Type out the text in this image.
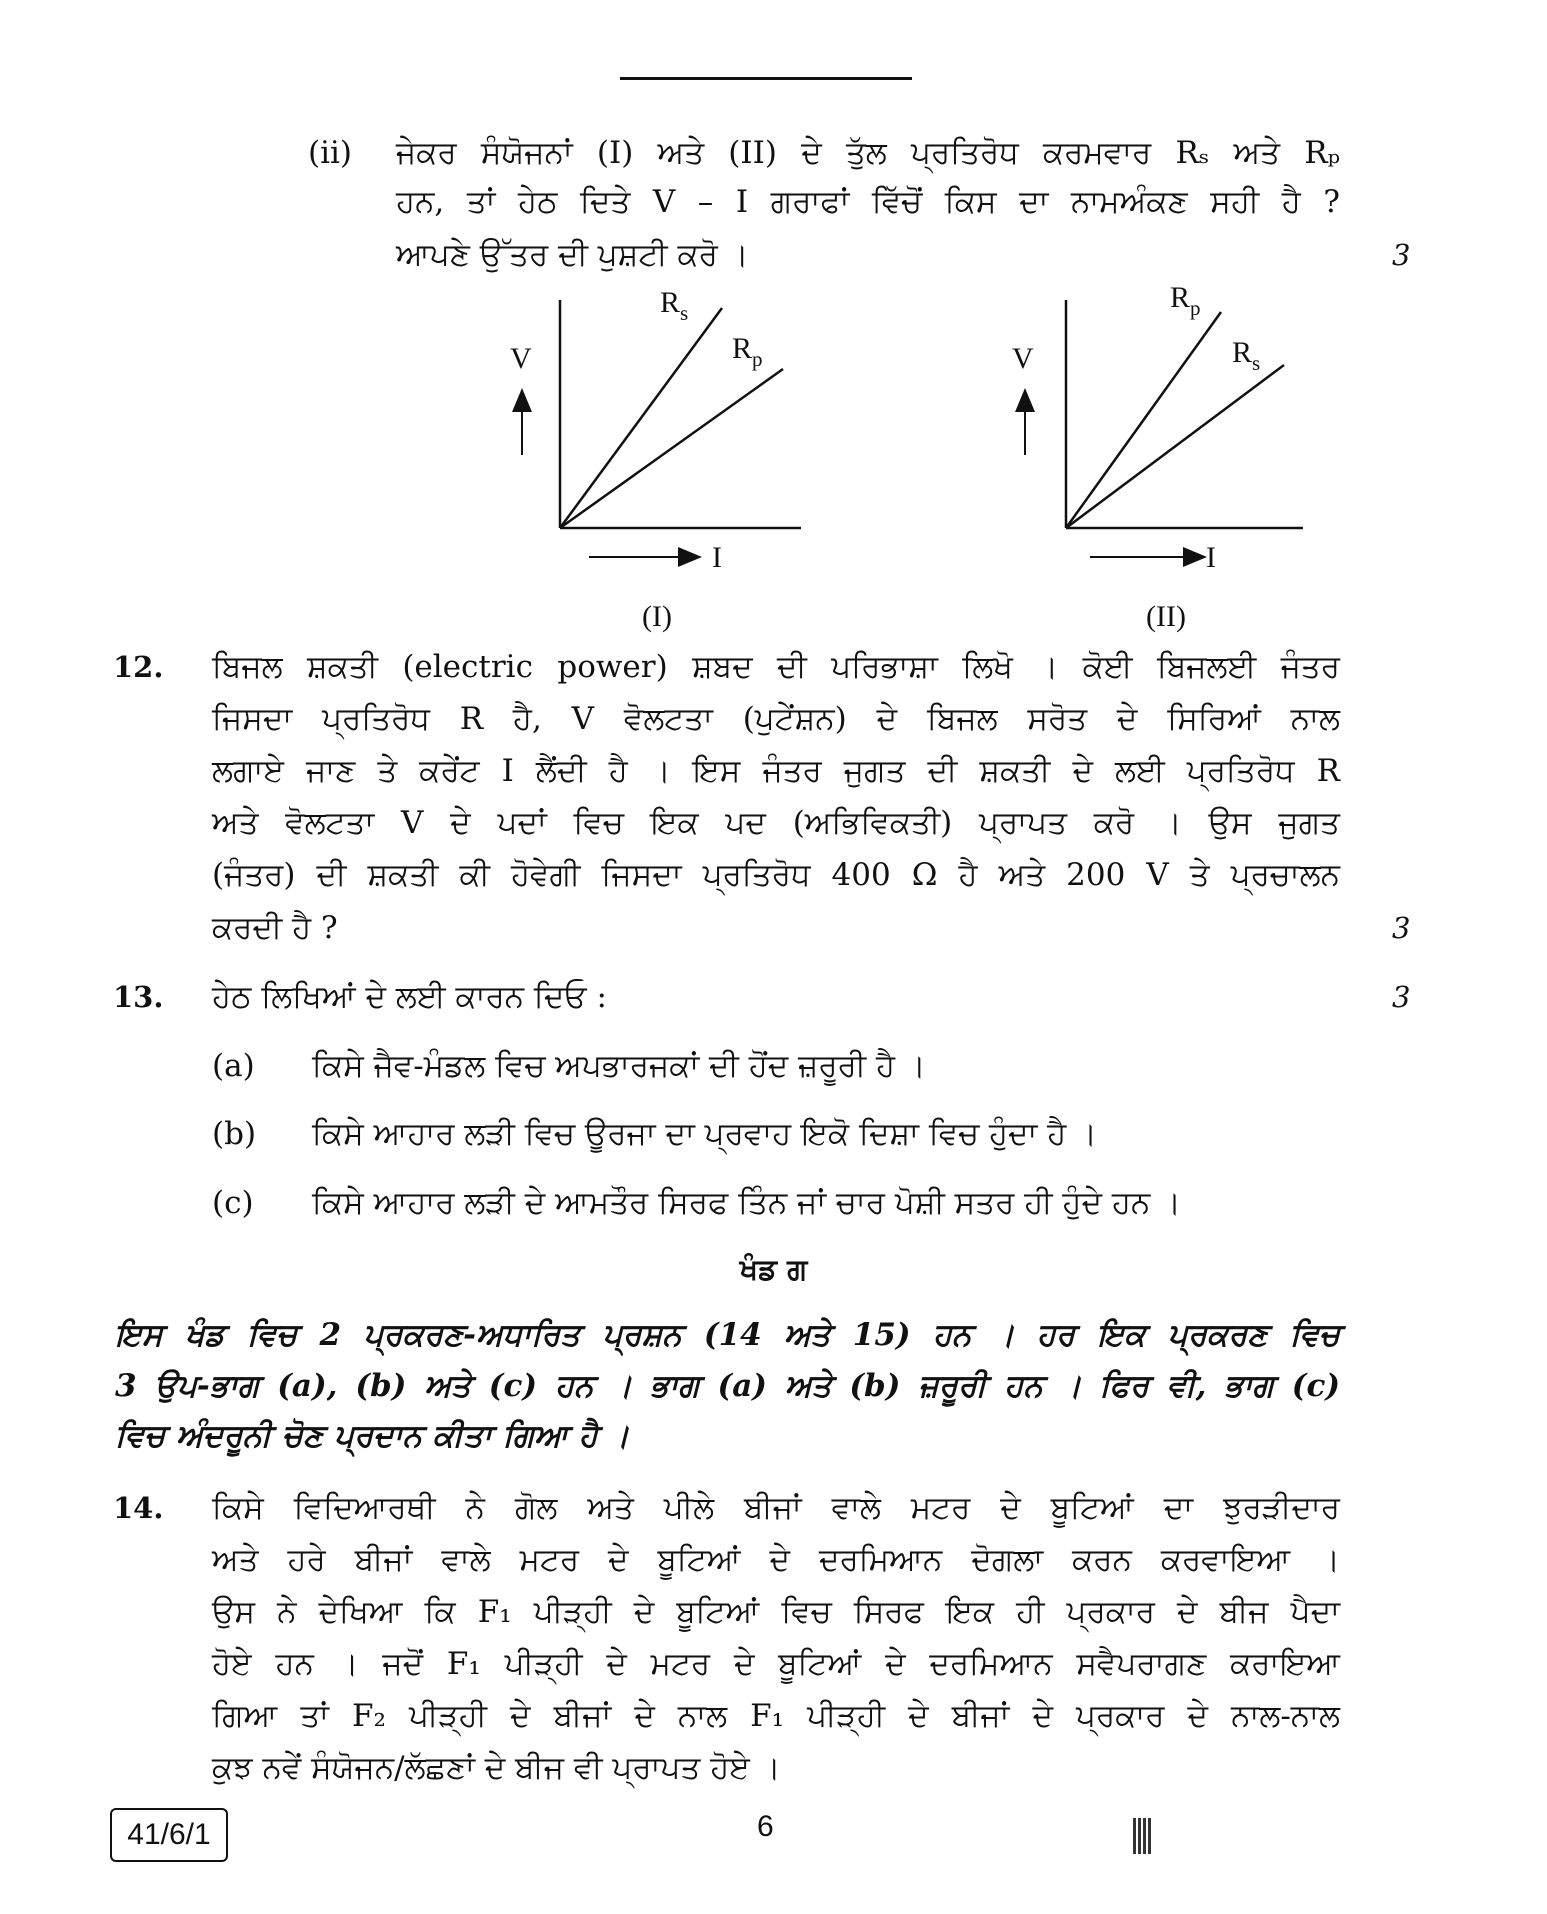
(ii) ਜੇਕਰ ਸੰਯੋਜਨਾਂ (I) ਅਤੇ (II) ਦੇ ਤੁੱਲ ਪ੍ਰਤਿਰੋਧ ਕਰਮਵਾਰ Rₛ ਅਤੇ Rₚ
ਹਨ, ਤਾਂ ਹੇਠ ਦਿਤੇ V – I ਗਰਾਫਾਂ ਵਿੱਚੋਂ ਕਿਸ ਦਾ ਨਾਮਅੰਕਣ ਸਹੀ ਹੈ ?
ਆਪਣੇ ਉੱਤਰ ਦੀ ਪੁਸ਼ਟੀ ਕਰੋ ।	3
$R_s$
$R_p$
V
I
(I)
$R_p$
$R_s$
V
I
(II)
12. ਬਿਜਲ ਸ਼ਕਤੀ (electric power) ਸ਼ਬਦ ਦੀ ਪਰਿਭਾਸ਼ਾ ਲਿਖੋ । ਕੋਈ ਬਿਜਲਈ ਜੰਤਰ
ਜਿਸਦਾ ਪ੍ਰਤਿਰੋਧ R ਹੈ, V ਵੋਲਟਤਾ (ਪੁਟੇਂਸ਼ਨ) ਦੇ ਬਿਜਲ ਸਰੋਤ ਦੇ ਸਿਰਿਆਂ ਨਾਲ
ਲਗਾਏ ਜਾਣ ਤੇ ਕਰੇਂਟ I ਲੈਂਦੀ ਹੈ । ਇਸ ਜੰਤਰ ਜੁਗਤ ਦੀ ਸ਼ਕਤੀ ਦੇ ਲਈ ਪ੍ਰਤਿਰੋਧ R
ਅਤੇ ਵੋਲਟਤਾ V ਦੇ ਪਦਾਂ ਵਿਚ ਇਕ ਪਦ (ਅਭਿਵਿਕਤੀ) ਪ੍ਰਾਪਤ ਕਰੋ । ਉਸ ਜੁਗਤ
(ਜੰਤਰ) ਦੀ ਸ਼ਕਤੀ ਕੀ ਹੋਵੇਗੀ ਜਿਸਦਾ ਪ੍ਰਤਿਰੋਧ 400 Ω ਹੈ ਅਤੇ 200 V ਤੇ ਪ੍ਰਚਾਲਨ
ਕਰਦੀ ਹੈ ?	3
13. ਹੇਠ ਲਿਖਿਆਂ ਦੇ ਲਈ ਕਾਰਨ ਦਿਓ :	3
(a) ਕਿਸੇ ਜੈਵ-ਮੰਡਲ ਵਿਚ ਅਪਭਾਰਜਕਾਂ ਦੀ ਹੋਂਦ ਜ਼ਰੂਰੀ ਹੈ ।
(b) ਕਿਸੇ ਆਹਾਰ ਲੜੀ ਵਿਚ ਊਰਜਾ ਦਾ ਪ੍ਰਵਾਹ ਇਕੋ ਦਿਸ਼ਾ ਵਿਚ ਹੁੰਦਾ ਹੈ ।
(c) ਕਿਸੇ ਆਹਾਰ ਲੜੀ ਦੇ ਆਮਤੌਰ ਸਿਰਫ ਤਿੰਨ ਜਾਂ ਚਾਰ ਪੋਸ਼ੀ ਸਤਰ ਹੀ ਹੁੰਦੇ ਹਨ ।
ਖੰਡ ਗ
ਇਸ ਖੰਡ ਵਿਚ 2 ਪ੍ਰਕਰਣ-ਅਧਾਰਿਤ ਪ੍ਰਸ਼ਨ (14 ਅਤੇ 15) ਹਨ । ਹਰ ਇਕ ਪ੍ਰਕਰਣ ਵਿਚ
3 ਉਪ-ਭਾਗ (a), (b) ਅਤੇ (c) ਹਨ । ਭਾਗ (a) ਅਤੇ (b) ਜ਼ਰੂਰੀ ਹਨ । ਫਿਰ ਵੀ, ਭਾਗ (c)
ਵਿਚ ਅੰਦਰੂਨੀ ਚੋਣ ਪ੍ਰਦਾਨ ਕੀਤਾ ਗਿਆ ਹੈ ।
14. ਕਿਸੇ ਵਿਦਿਆਰਥੀ ਨੇ ਗੋਲ ਅਤੇ ਪੀਲੇ ਬੀਜਾਂ ਵਾਲੇ ਮਟਰ ਦੇ ਬੂਟਿਆਂ ਦਾ ਝੁਰੜੀਦਾਰ
ਅਤੇ ਹਰੇ ਬੀਜਾਂ ਵਾਲੇ ਮਟਰ ਦੇ ਬੂਟਿਆਂ ਦੇ ਦਰਮਿਆਨ ਦੋਗਲਾ ਕਰਨ ਕਰਵਾਇਆ ।
ਉਸ ਨੇ ਦੇਖਿਆ ਕਿ F₁ ਪੀੜ੍ਹੀ ਦੇ ਬੂਟਿਆਂ ਵਿਚ ਸਿਰਫ ਇਕ ਹੀ ਪ੍ਰਕਾਰ ਦੇ ਬੀਜ ਪੈਦਾ
ਹੋਏ ਹਨ । ਜਦੋਂ F₁ ਪੀੜ੍ਹੀ ਦੇ ਮਟਰ ਦੇ ਬੂਟਿਆਂ ਦੇ ਦਰਮਿਆਨ ਸਵੈਪਰਾਗਣ ਕਰਾਇਆ
ਗਿਆ ਤਾਂ F₂ ਪੀੜ੍ਹੀ ਦੇ ਬੀਜਾਂ ਦੇ ਨਾਲ F₁ ਪੀੜ੍ਹੀ ਦੇ ਬੀਜਾਂ ਦੇ ਪ੍ਰਕਾਰ ਦੇ ਨਾਲ-ਨਾਲ
ਕੁਝ ਨਵੇਂ ਸੰਯੋਜਨ/ਲੱਛਣਾਂ ਦੇ ਬੀਜ ਵੀ ਪ੍ਰਾਪਤ ਹੋਏ ।
41/6/1	6
